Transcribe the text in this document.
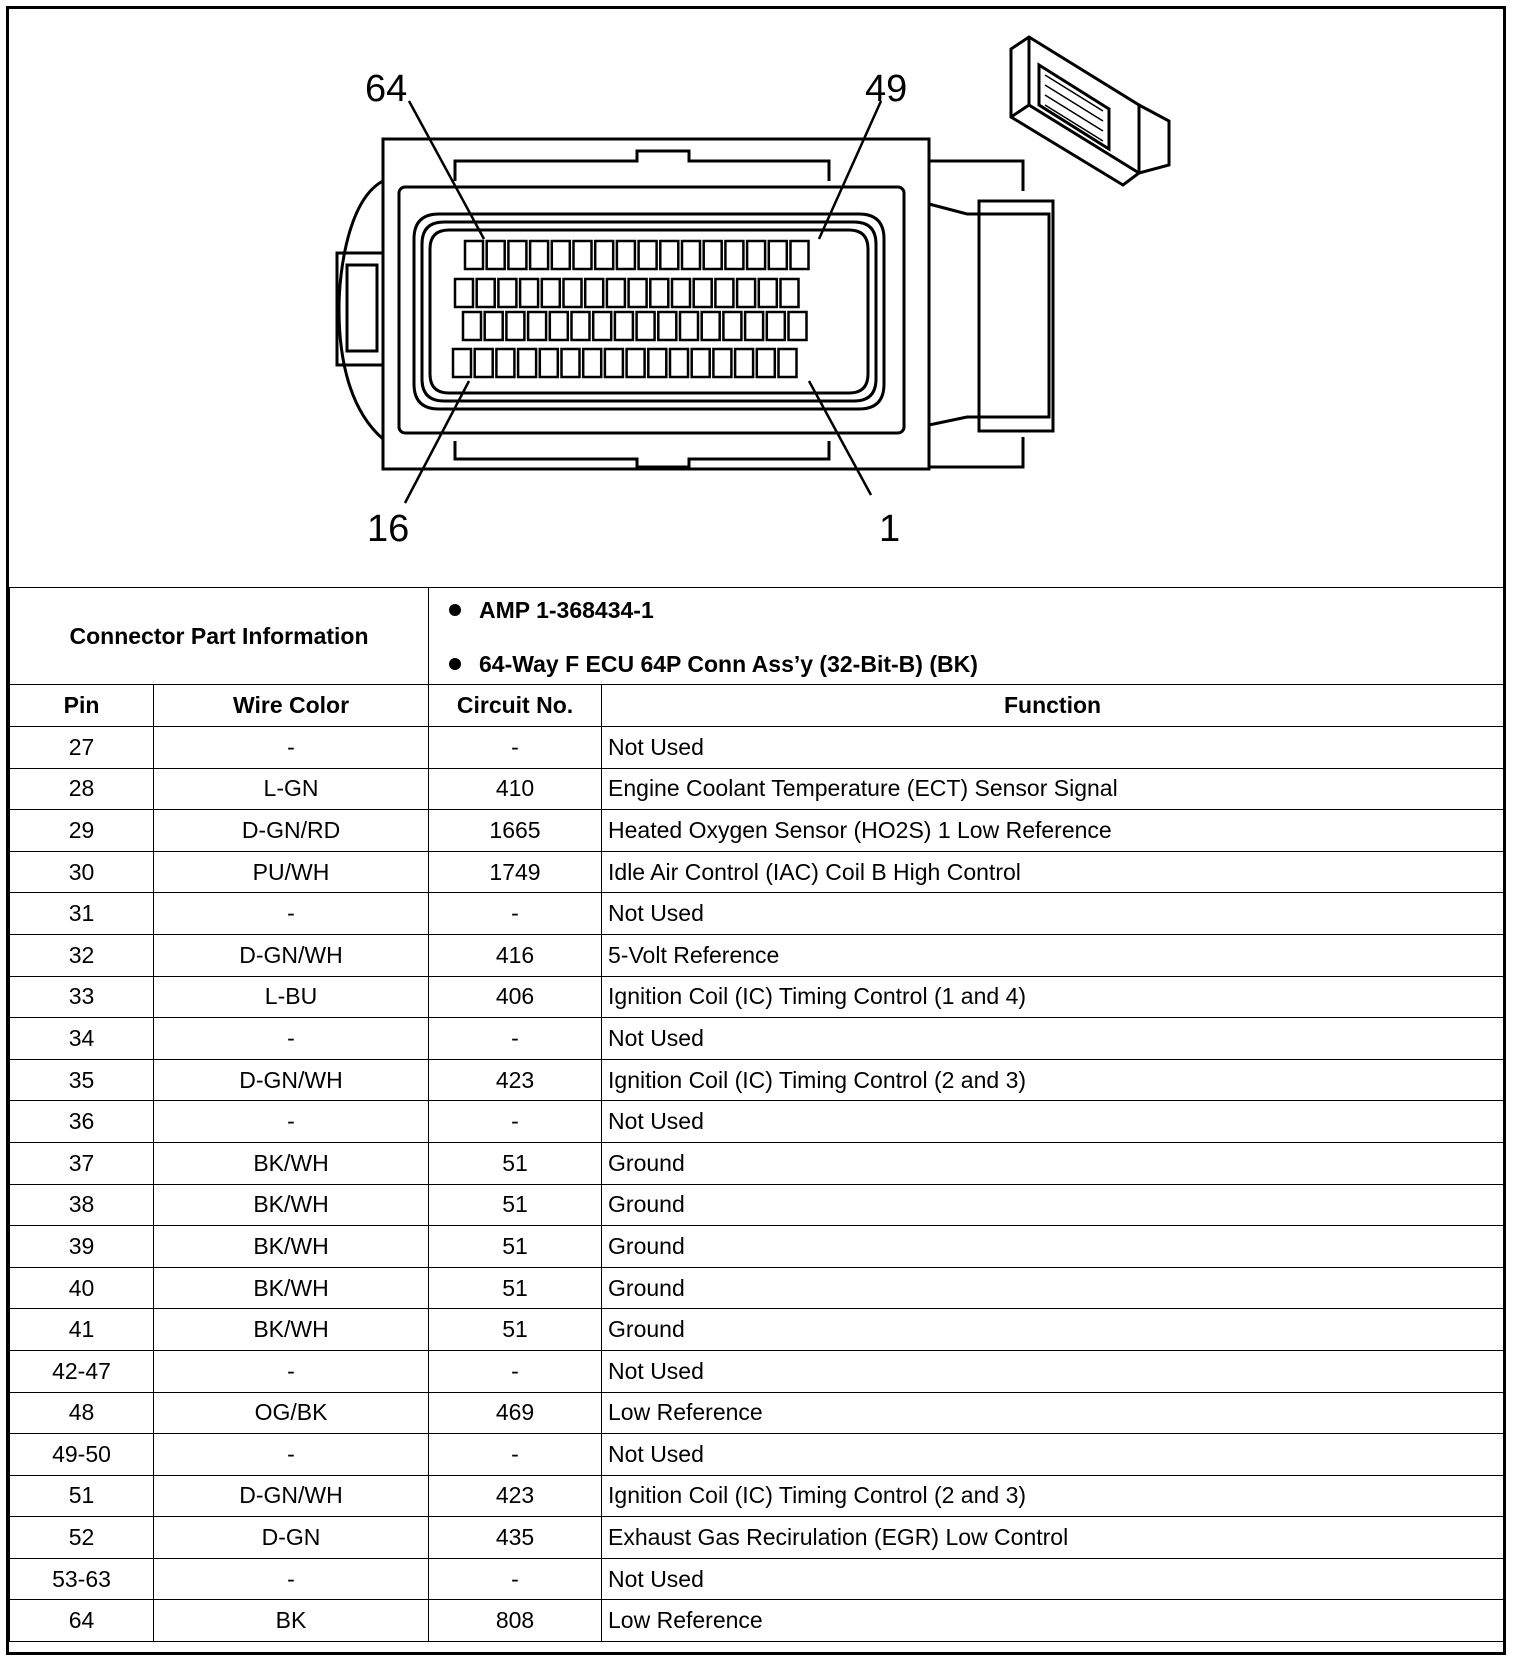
64	49
16	1
Connector Part Information		AMP 1-368434-1
64-Way F ECU 64P Conn Ass’y (32-Bit-B) (BK)	

Pin	Wire Color	Circuit No.	Function
27	-	-	Not Used
28	L-GN	410	Engine Coolant Temperature (ECT) Sensor Signal
29	D-GN/RD	1665	Heated Oxygen Sensor (HO2S) 1 Low Reference
30	PU/WH	1749	Idle Air Control (IAC) Coil B High Control
31	-	-	Not Used
32	D-GN/WH	416	5-Volt Reference
33	L-BU	406	Ignition Coil (IC) Timing Control (1 and 4)
34	-	-	Not Used
35	D-GN/WH	423	Ignition Coil (IC) Timing Control (2 and 3)
36	-	-	Not Used
37	BK/WH	51	Ground
38	BK/WH	51	Ground
39	BK/WH	51	Ground
40	BK/WH	51	Ground
41	BK/WH	51	Ground
42-47	-	-	Not Used
48	OG/BK	469	Low Reference
49-50	-	-	Not Used
51	D-GN/WH	423	Ignition Coil (IC) Timing Control (2 and 3)
52	D-GN	435	Exhaust Gas Recirulation (EGR) Low Control
53-63	-	-	Not Used
64	BK	808	Low Reference
